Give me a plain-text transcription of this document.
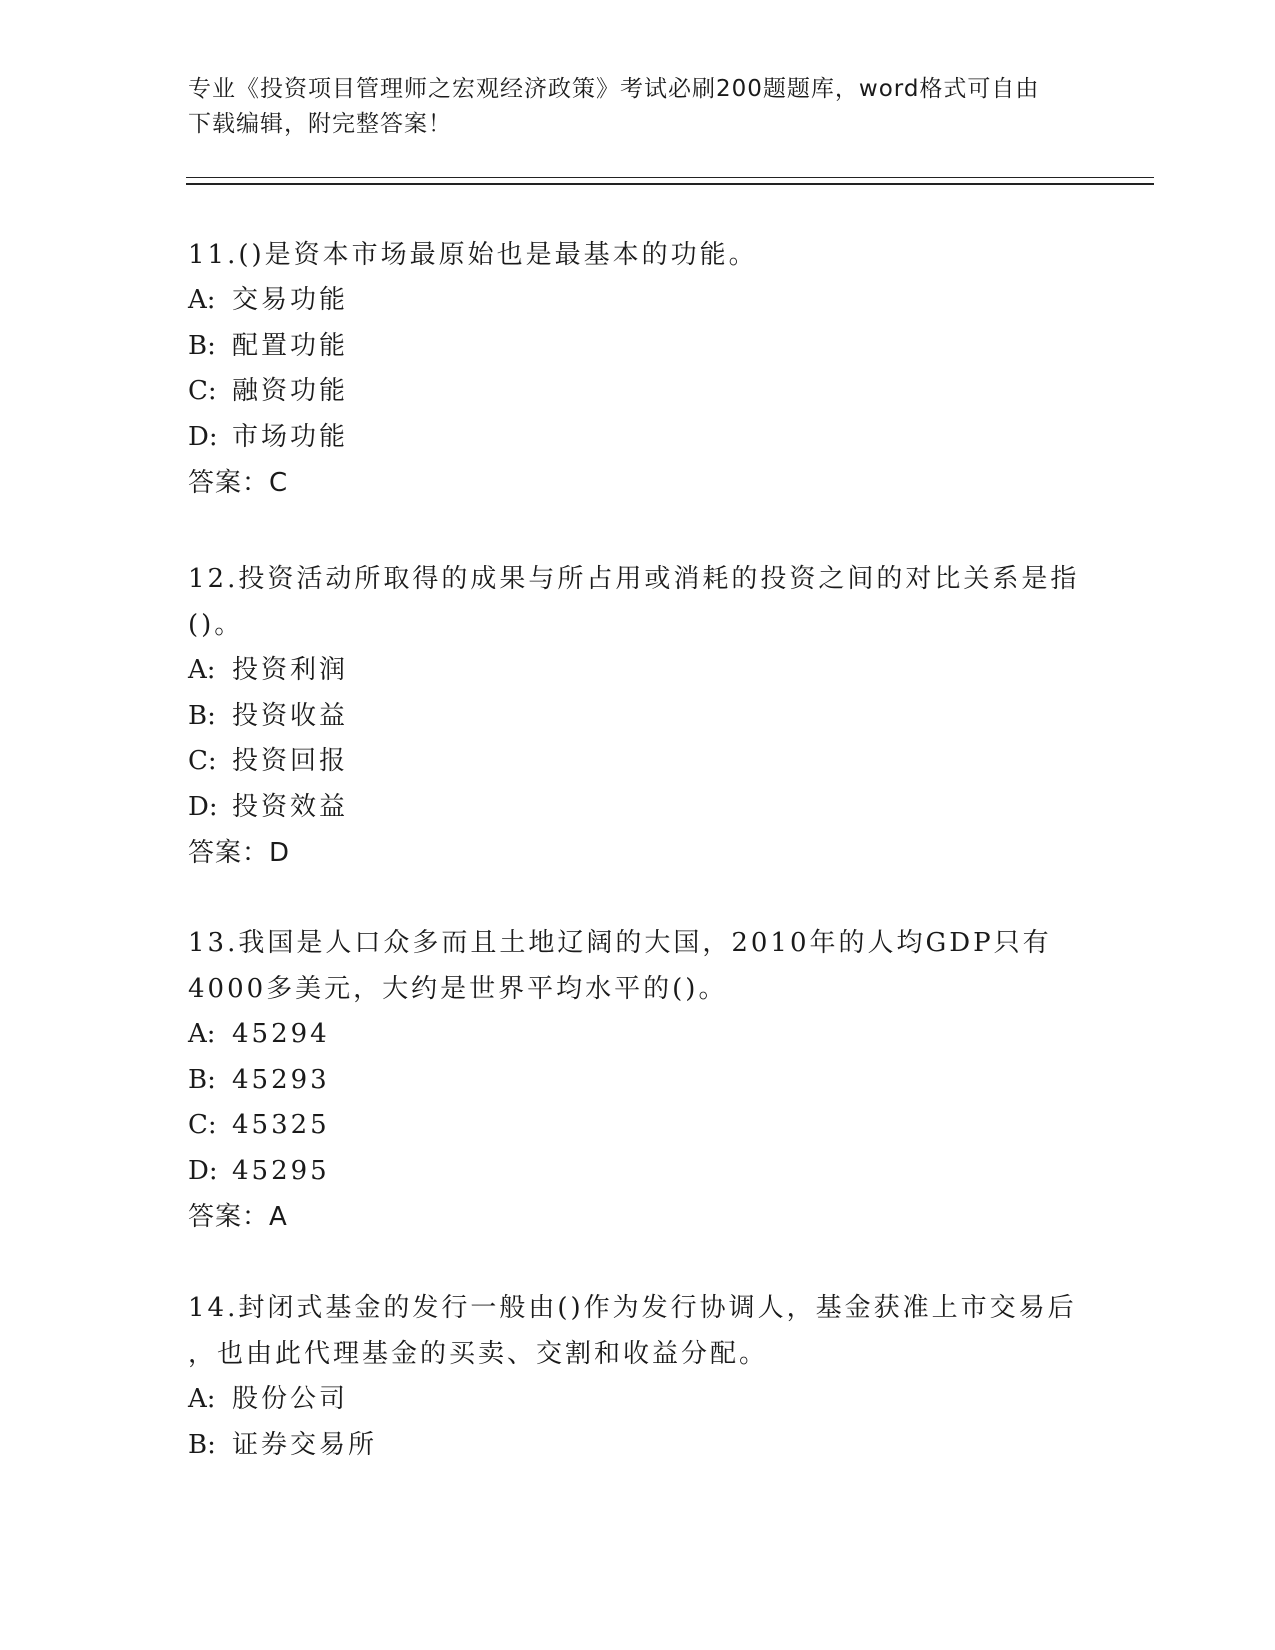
专业《投资项目管理师之宏观经济政策》考试必刷200题题库，word格式可自由
下载编辑，附完整答案！

11.()是资本市场最原始也是最基本的功能。

A: 交易功能

B: 配置功能

C: 融资功能

D: 市场功能

答案：C

12.投资活动所取得的成果与所占用或消耗的投资之间的对比关系是指

()。

A: 投资利润

B: 投资收益

C: 投资回报

D: 投资效益

答案：D

13.我国是人口众多而且土地辽阔的大国，2010年的人均GDP只有

4000多美元，大约是世界平均水平的()。

A: 45294

B: 45293

C: 45325

D: 45295

答案：A

14.封闭式基金的发行一般由()作为发行协调人，基金获准上市交易后

，也由此代理基金的买卖、交割和收益分配。

A: 股份公司

B: 证券交易所
